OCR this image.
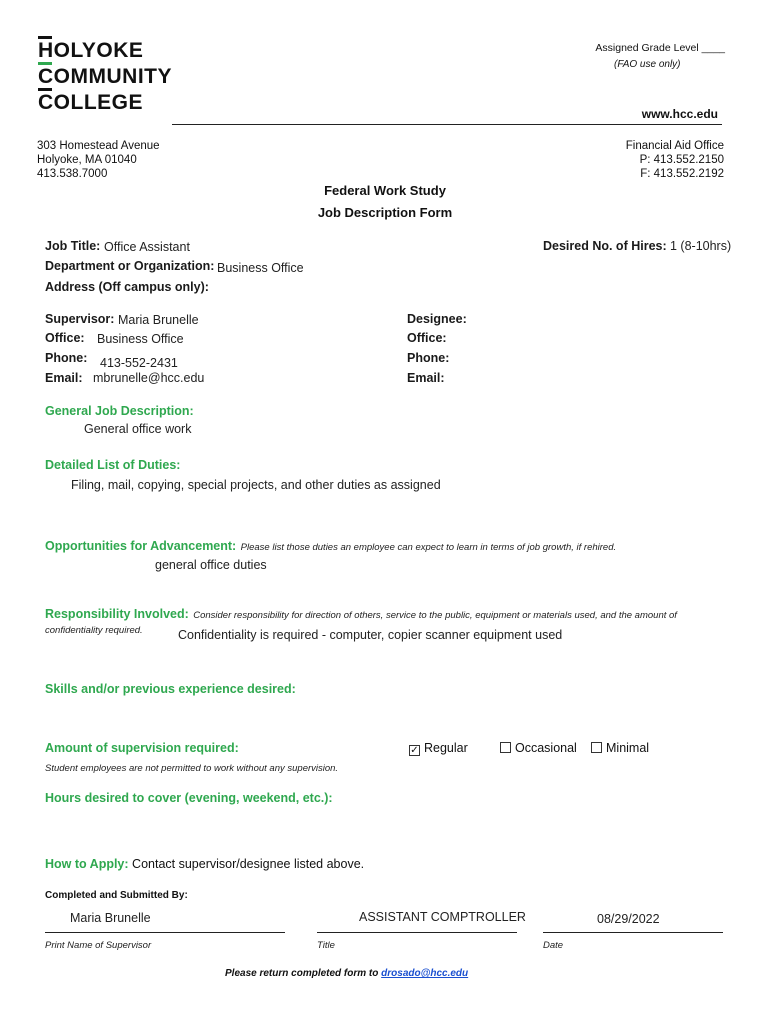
HOLYOKE
COMMUNITY
COLLEGE
Assigned Grade Level ____
(FAO use only)
www.hcc.edu
303 Homestead Avenue
Holyoke, MA 01040
413.538.7000
Financial Aid Office
P: 413.552.2150
F: 413.552.2192
Federal Work Study
Job Description Form
Job Title: Office Assistant	Desired No. of Hires: 1 (8-10hrs)
Department or Organization: Business Office
Address (Off campus only):
Supervisor: Maria Brunelle
Office: Business Office
Phone: 413-552-2431
Email: mbrunelle@hcc.edu
Designee:
Office:
Phone:
Email:
General Job Description:
General office work
Detailed List of Duties:
Filing, mail, copying, special projects, and other duties as assigned
Opportunities for Advancement: Please list those duties an employee can expect to learn in terms of job growth, if rehired.
general office duties
Responsibility Involved: Consider responsibility for direction of others, service to the public, equipment or materials used, and the amount of
confidentiality required.	Confidentiality is required - computer, copier scanner equipment used
Skills and/or previous experience desired:
Amount of supervision required:	✓ Regular	Occasional	Minimal
Student employees are not permitted to work without any supervision.
Hours desired to cover (evening, weekend, etc.):
How to Apply: Contact supervisor/designee listed above.
Completed and Submitted By:
Maria Brunelle	ASSISTANT COMPTROLLER	08/29/2022
Print Name of Supervisor	Title	Date
Please return completed form to drosado@hcc.edu
